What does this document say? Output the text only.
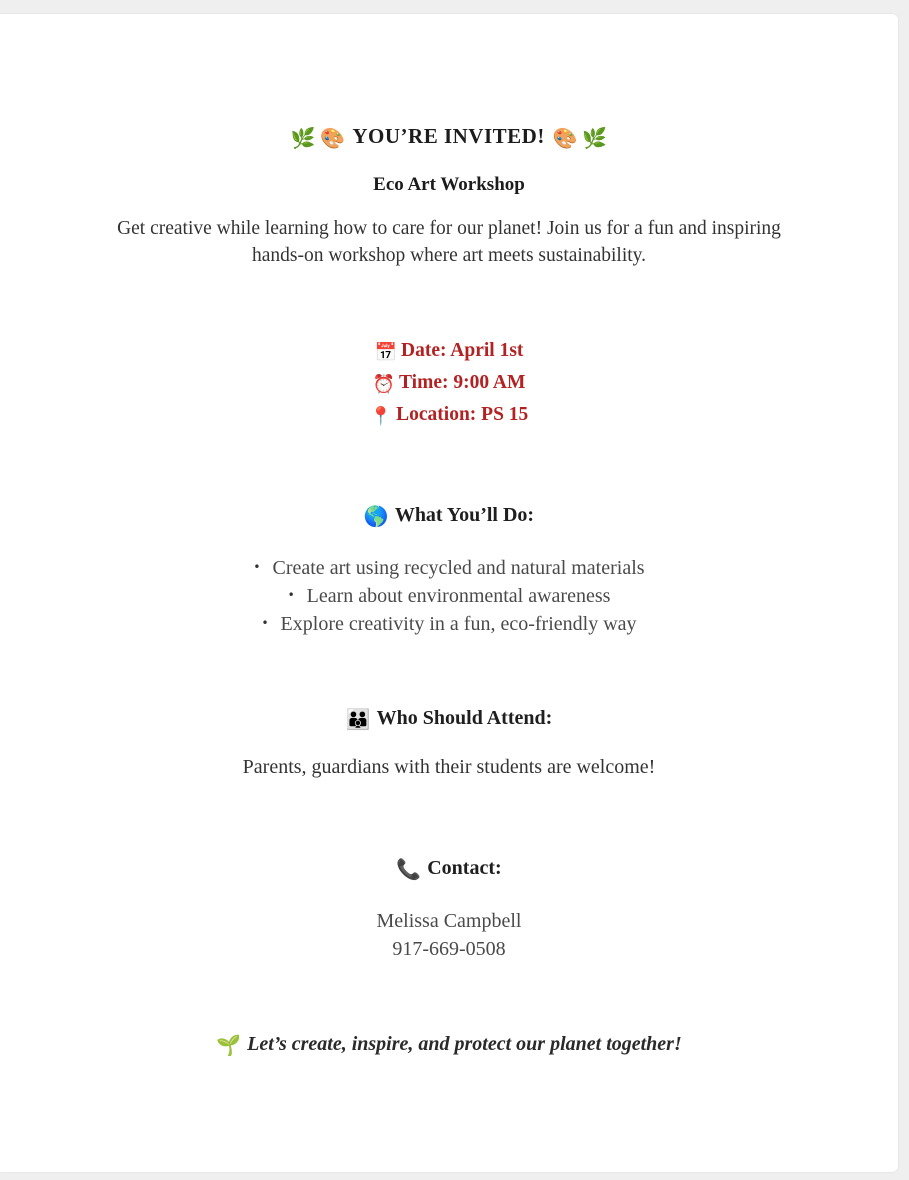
🌿 🎨 YOU’RE INVITED! 🎨 🌿
Eco Art Workshop
Get creative while learning how to care for our planet! Join us for a fun and inspiring hands-on workshop where art meets sustainability.
📅 Date: April 1st
⏰ Time: 9:00 AM
📍 Location: PS 15
🌎 What You’ll Do:
• Create art using recycled and natural materials
• Learn about environmental awareness
• Explore creativity in a fun, eco-friendly way
👪 Who Should Attend:
Parents, guardians with their students are welcome!
📞 Contact:
Melissa Campbell
917-669-0508
🌱 Let’s create, inspire, and protect our planet together!
